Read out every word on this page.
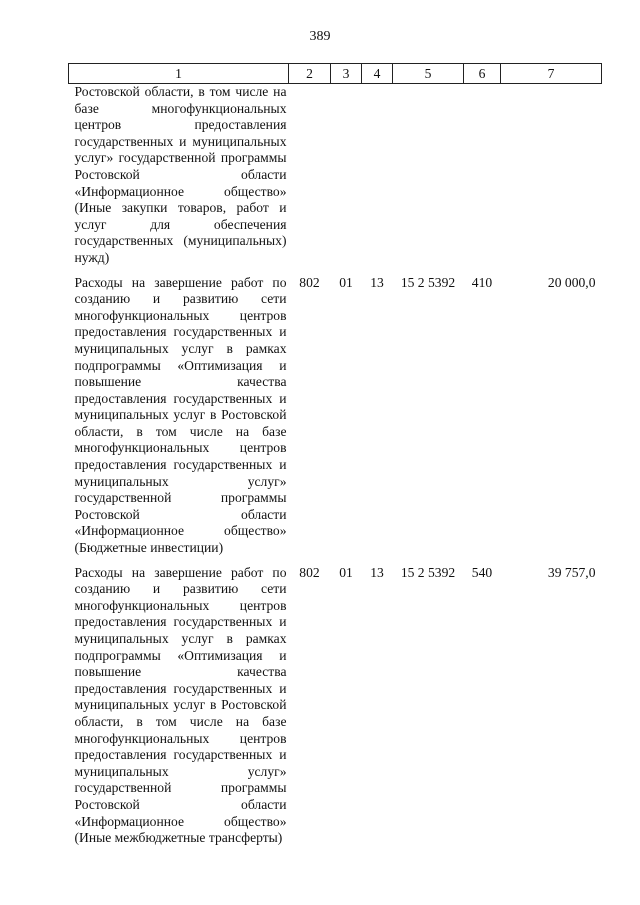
389
1	2	3	4	5	6	7
Ростовской области, в том числе на базе многофункциональных центров предоставления государственных и муниципальных услуг» государственной программы Ростовской области «Информационное общество» (Иные закупки товаров, работ и услуг для обеспечения государственных (муниципальных) нужд)						

Расходы на завершение работ по созданию и развитию сети многофункциональных центров предоставления государственных и муниципальных услуг в рамках подпрограммы «Оптимизация и повышение качества предоставления государственных и муниципальных услуг в Ростовской области, в том числе на базе многофункциональных центров предоставления государственных и муниципальных услуг» государственной программы Ростовской области «Информационное общество» (Бюджетные инвестиции)	802	01	13	15 2 5392	410	20 000,0

Расходы на завершение работ по созданию и развитию сети многофункциональных центров предоставления государственных и муниципальных услуг в рамках подпрограммы «Оптимизация и повышение качества предоставления государственных и муниципальных услуг в Ростовской области, в том числе на базе многофункциональных центров предоставления государственных и муниципальных услуг» государственной программы Ростовской области «Информационное общество» (Иные межбюджетные трансферты)	802	01	13	15 2 5392	540	39 757,0
